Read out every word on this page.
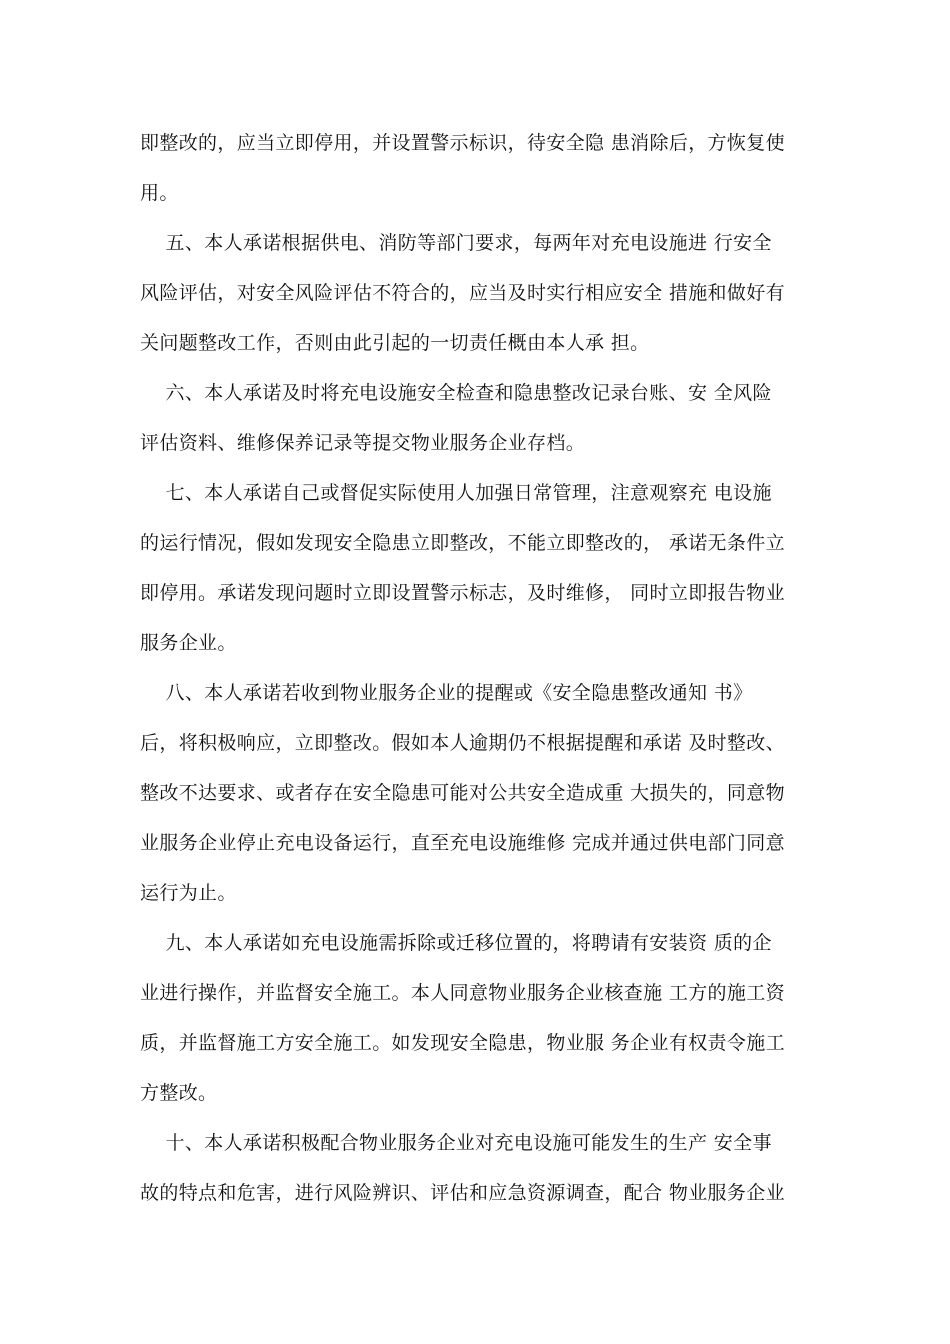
即整改的，应当立即停用，并设置警示标识，待安全隐 患消除后，方恢复使
用。
五、本人承诺根据供电、消防等部门要求，每两年对充电设施进 行安全
风险评估，对安全风险评估不符合的，应当及时实行相应安全 措施和做好有
关问题整改工作，否则由此引起的一切责任概由本人承 担。
六、本人承诺及时将充电设施安全检查和隐患整改记录台账、安 全风险
评估资料、维修保养记录等提交物业服务企业存档。
七、本人承诺自己或督促实际使用人加强日常管理，注意观察充 电设施
的运行情况，假如发现安全隐患立即整改，不能立即整改的， 承诺无条件立
即停用。承诺发现问题时立即设置警示标志，及时维修， 同时立即报告物业
服务企业。
八、本人承诺若收到物业服务企业的提醒或《安全隐患整改通知 书》
后，将积极响应，立即整改。假如本人逾期仍不根据提醒和承诺 及时整改、
整改不达要求、或者存在安全隐患可能对公共安全造成重 大损失的，同意物
业服务企业停止充电设备运行，直至充电设施维修 完成并通过供电部门同意
运行为止。
九、本人承诺如充电设施需拆除或迁移位置的，将聘请有安装资 质的企
业进行操作，并监督安全施工。本人同意物业服务企业核查施 工方的施工资
质，并监督施工方安全施工。如发现安全隐患，物业服 务企业有权责令施工
方整改。
十、本人承诺积极配合物业服务企业对充电设施可能发生的生产 安全事
故的特点和危害，进行风险辨识、评估和应急资源调查，配合 物业服务企业
